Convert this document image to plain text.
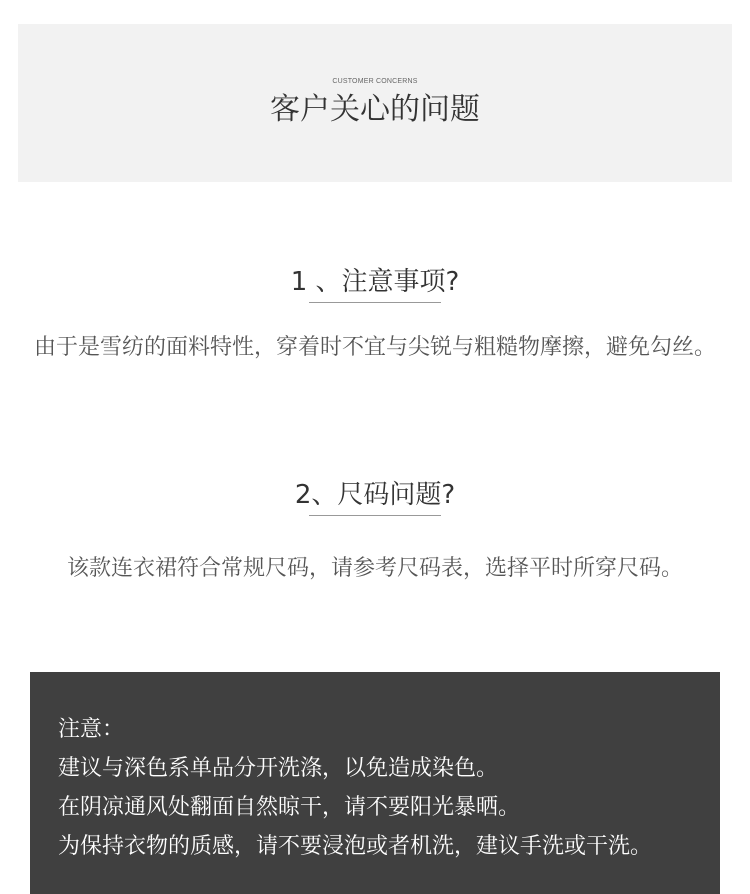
CUSTOMER CONCERNS
客户关心的问题
1 、注意事项?
由于是雪纺的面料特性，穿着时不宜与尖锐与粗糙物摩擦，避免勾丝。
2、尺码问题?
该款连衣裙符合常规尺码，请参考尺码表，选择平时所穿尺码。
注意：
建议与深色系单品分开洗涤，以免造成染色。
在阴凉通风处翻面自然晾干，请不要阳光暴晒。
为保持衣物的质感，请不要浸泡或者机洗，建议手洗或干洗。
